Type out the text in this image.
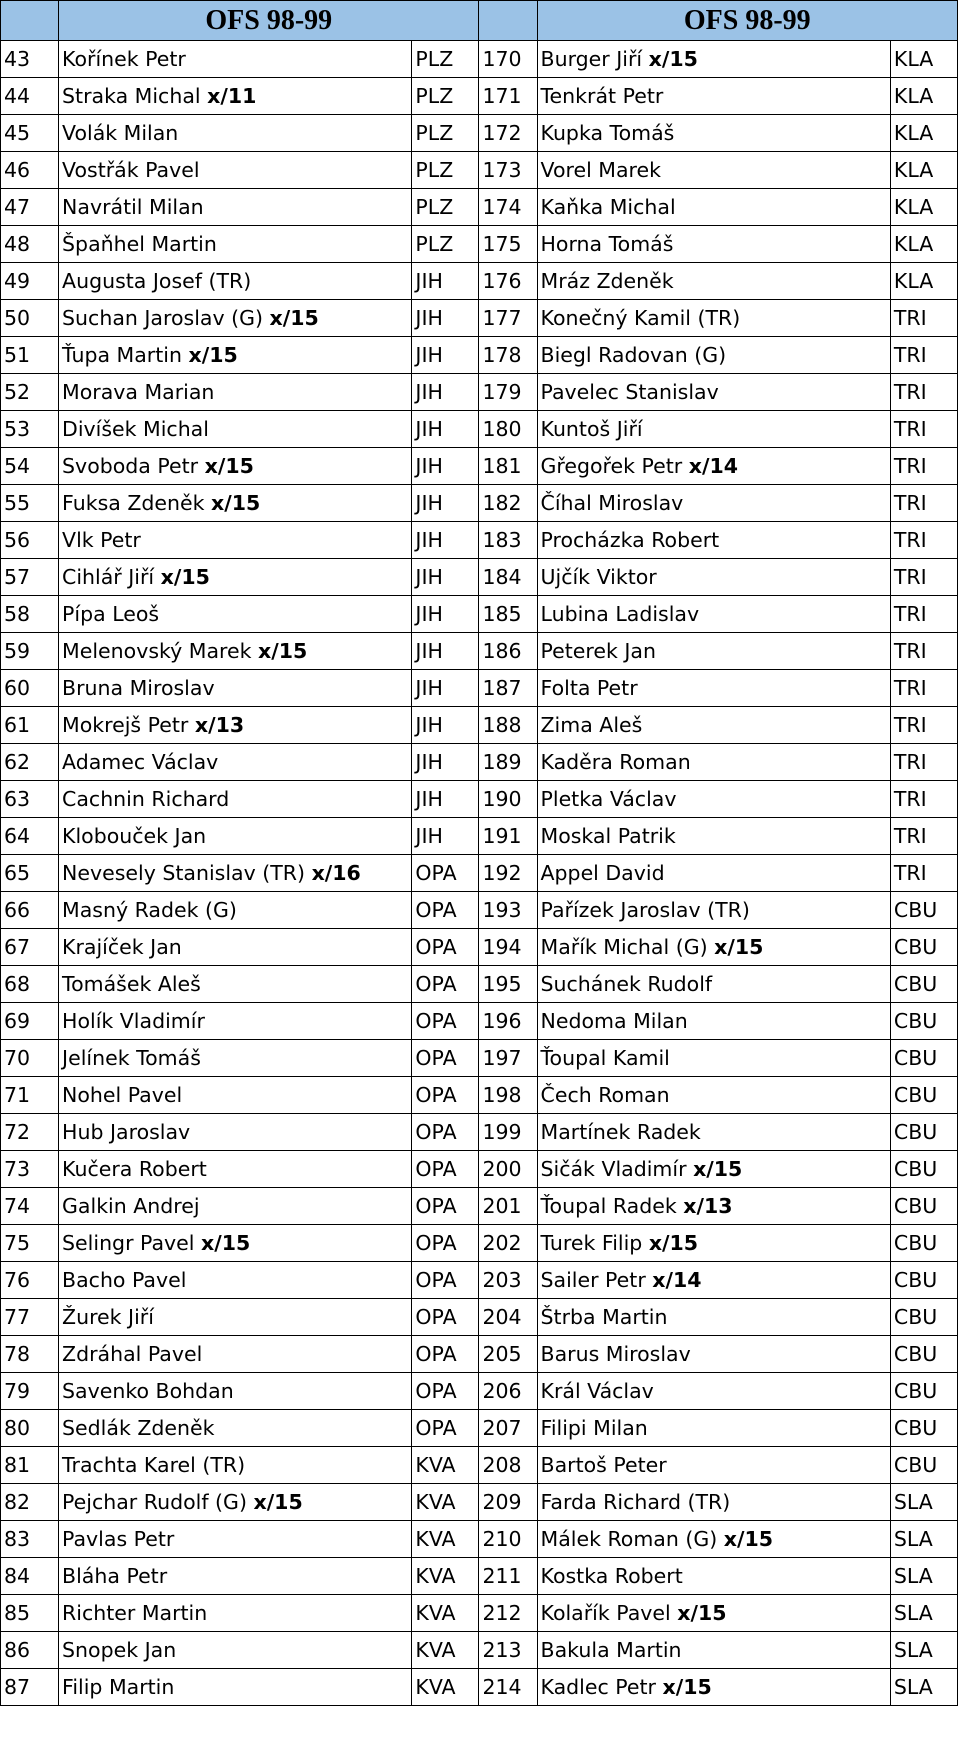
	OFS 98-99			OFS 98-99	
43	Kořínek Petr	PLZ	170	Burger Jiří x/15	KLA
44	Straka Michal x/11	PLZ	171	Tenkrát Petr	KLA
45	Volák Milan	PLZ	172	Kupka Tomáš	KLA
46	Vostřák Pavel	PLZ	173	Vorel Marek	KLA
47	Navrátil Milan	PLZ	174	Kaňka Michal	KLA
48	Špaňhel Martin	PLZ	175	Horna Tomáš	KLA
49	Augusta Josef (TR)	JIH	176	Mráz Zdeněk	KLA
50	Suchan Jaroslav (G) x/15	JIH	177	Konečný Kamil (TR)	TRI
51	Ťupa Martin x/15	JIH	178	Biegl Radovan (G)	TRI
52	Morava Marian	JIH	179	Pavelec Stanislav	TRI
53	Divíšek Michal	JIH	180	Kuntoš Jiří	TRI
54	Svoboda Petr x/15	JIH	181	Gřegořek Petr x/14	TRI
55	Fuksa Zdeněk x/15	JIH	182	Číhal Miroslav	TRI
56	Vlk Petr	JIH	183	Procházka Robert	TRI
57	Cihlář Jiří x/15	JIH	184	Ujčík Viktor	TRI
58	Pípa Leoš	JIH	185	Lubina Ladislav	TRI
59	Melenovský Marek x/15	JIH	186	Peterek Jan	TRI
60	Bruna Miroslav	JIH	187	Folta Petr	TRI
61	Mokrejš Petr x/13	JIH	188	Zima Aleš	TRI
62	Adamec Václav	JIH	189	Kaděra Roman	TRI
63	Cachnin Richard	JIH	190	Pletka Václav	TRI
64	Klobouček Jan	JIH	191	Moskal Patrik	TRI
65	Nevesely Stanislav (TR) x/16	OPA	192	Appel David	TRI
66	Masný Radek (G)	OPA	193	Pařízek Jaroslav (TR)	CBU
67	Krajíček Jan	OPA	194	Mařík Michal (G) x/15	CBU
68	Tomášek Aleš	OPA	195	Suchánek Rudolf	CBU
69	Holík Vladimír	OPA	196	Nedoma Milan	CBU
70	Jelínek Tomáš	OPA	197	Ťoupal Kamil	CBU
71	Nohel Pavel	OPA	198	Čech Roman	CBU
72	Hub Jaroslav	OPA	199	Martínek Radek	CBU
73	Kučera Robert	OPA	200	Sičák Vladimír x/15	CBU
74	Galkin Andrej	OPA	201	Ťoupal Radek x/13	CBU
75	Selingr Pavel x/15	OPA	202	Turek Filip x/15	CBU
76	Bacho Pavel	OPA	203	Sailer Petr x/14	CBU
77	Žurek Jiří	OPA	204	Štrba Martin	CBU
78	Zdráhal Pavel	OPA	205	Barus Miroslav	CBU
79	Savenko Bohdan	OPA	206	Král Václav	CBU
80	Sedlák Zdeněk	OPA	207	Filipi Milan	CBU
81	Trachta Karel (TR)	KVA	208	Bartoš Peter	CBU
82	Pejchar Rudolf (G) x/15	KVA	209	Farda Richard (TR)	SLA
83	Pavlas Petr	KVA	210	Málek Roman (G) x/15	SLA
84	Bláha Petr	KVA	211	Kostka Robert	SLA
85	Richter Martin	KVA	212	Kolařík Pavel x/15	SLA
86	Snopek Jan	KVA	213	Bakula Martin	SLA
87	Filip Martin	KVA	214	Kadlec Petr x/15	SLA
